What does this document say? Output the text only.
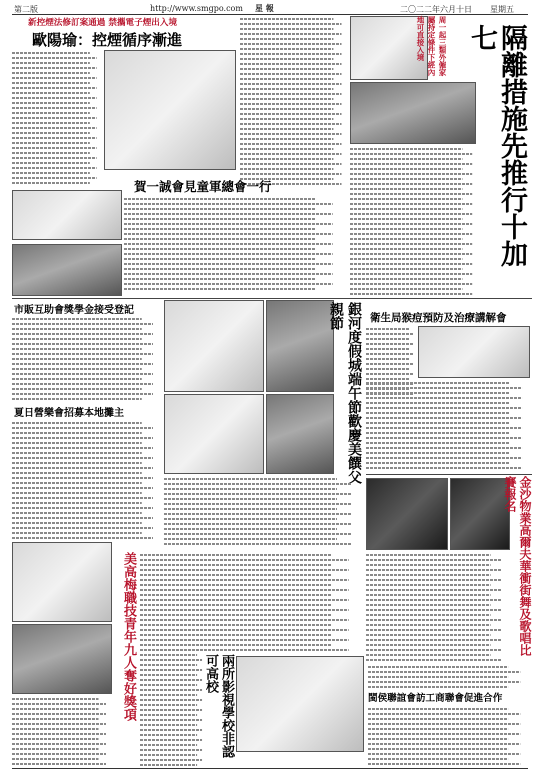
第二版	http://www.smgpo.com 星 報	二〇二二年六月十日	星期五
新控煙法修訂案通過 禁攜電子煙出入境
歐陽瑜：控煙循序漸進	周一起三類外僱家屬持定條件下經內地可直接入境	隔離措施先推行十加七
賀一誠會見童軍總會一行
市販互助會獎學金接受登記
夏日營樂會招募本地攤主	銀河度假城端午節歡慶美饌父親節	衛生局猴痘預防及治療講解會
金沙物業高爾夫華衝街舞及歌唱比賽報名
美高梅職技青年九人奪好獎項	兩所影視學校非認可高校
閩侯聯誼會訪工商聯會促進合作
